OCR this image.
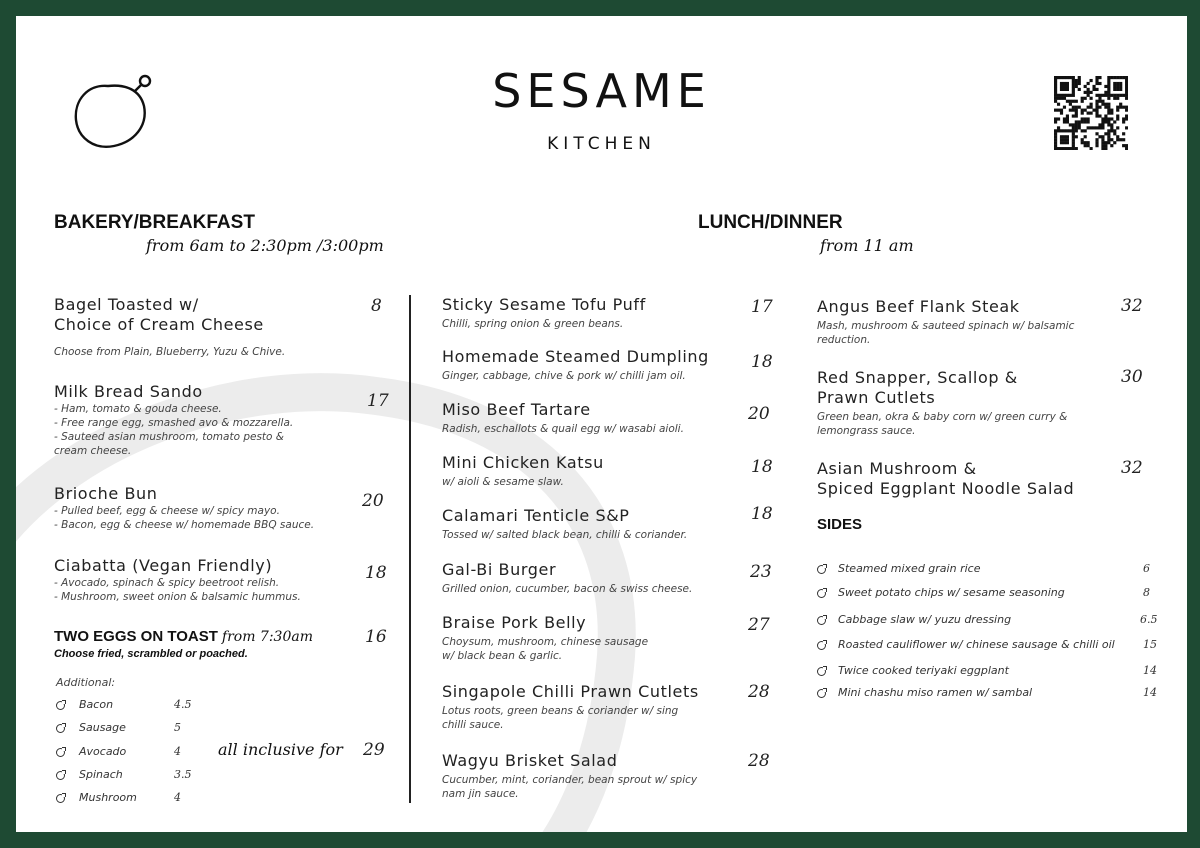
SESAME
KITCHEN
BAKERY/BREAKFAST
from 6am to 2:30pm /3:00pm
LUNCH/DINNER
from 11 am
Bagel Toasted w/
Choice of Cream Cheese
Choose from Plain, Blueberry, Yuzu & Chive.
8
Milk Bread Sando
- Ham, tomato & gouda cheese.
- Free range egg, smashed avo & mozzarella.
- Sauteed asian mushroom, tomato pesto &
cream cheese.
17
Brioche Bun
- Pulled beef, egg & cheese w/ spicy mayo.
- Bacon, egg & cheese w/ homemade BBQ sauce.
20
Ciabatta (Vegan Friendly)
- Avocado, spinach & spicy beetroot relish.
- Mushroom, sweet onion & balsamic hummus.
18
TWO EGGS ON TOAST from 7:30am
Choose fried, scrambled or poached.
16
Additional:
Bacon	4.5
Sausage	5
Avocado	4
Spinach	3.5
Mushroom	4
all inclusive for 29
Sticky Sesame Tofu Puff
Chilli, spring onion & green beans.
17
Homemade Steamed Dumpling
Ginger, cabbage, chive & pork w/ chilli jam oil.
18
Miso Beef Tartare
Radish, eschallots & quail egg w/ wasabi aioli.
20
Mini Chicken Katsu
w/ aioli & sesame slaw.
18
Calamari Tenticle S&P
Tossed w/ salted black bean, chilli & coriander.
18
Gal-Bi Burger
Grilled onion, cucumber, bacon & swiss cheese.
23
Braise Pork Belly
Choysum, mushroom, chinese sausage
w/ black bean & garlic.
27
Singapole Chilli Prawn Cutlets
Lotus roots, green beans & coriander w/ sing
chilli sauce.
28
Wagyu Brisket Salad
Cucumber, mint, coriander, bean sprout w/ spicy
nam jin sauce.
28
Angus Beef Flank Steak
Mash, mushroom & sauteed spinach w/ balsamic
reduction.
32
Red Snapper, Scallop &
Prawn Cutlets
Green bean, okra & baby corn w/ green curry &
lemongrass sauce.
30
Asian Mushroom &
Spiced Eggplant Noodle Salad
32
SIDES
Steamed mixed grain rice	6
Sweet potato chips w/ sesame seasoning	8
Cabbage slaw w/ yuzu dressing	6.5
Roasted cauliflower w/ chinese sausage & chilli oil	15
Twice cooked teriyaki eggplant	14
Mini chashu miso ramen w/ sambal	14
